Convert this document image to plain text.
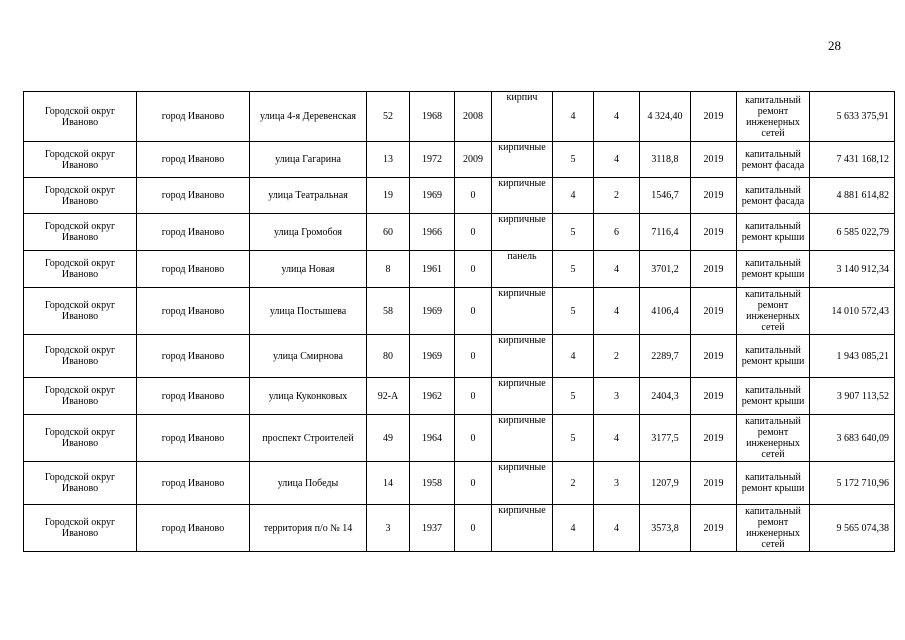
28
Городской округ Иваново	город Иваново	улица 4-я Деревенская	52	1968	2008	кирпич	4	4	4 324,40	2019	капитальный ремонт инженерных сетей	5 633 375,91
Городской округ Иваново	город Иваново	улица Гагарина	13	1972	2009	кирпичные	5	4	3118,8	2019	капитальный ремонт фасада	7 431 168,12
Городской округ Иваново	город Иваново	улица Театральная	19	1969	0	кирпичные	4	2	1546,7	2019	капитальный ремонт фасада	4 881 614,82
Городской округ Иваново	город Иваново	улица Громобоя	60	1966	0	кирпичные	5	6	7116,4	2019	капитальный ремонт крыши	6 585 022,79
Городской округ Иваново	город Иваново	улица Новая	8	1961	0	панель	5	4	3701,2	2019	капитальный ремонт крыши	3 140 912,34
Городской округ Иваново	город Иваново	улица Постышева	58	1969	0	кирпичные	5	4	4106,4	2019	капитальный ремонт инженерных сетей	14 010 572,43
Городской округ Иваново	город Иваново	улица Смирнова	80	1969	0	кирпичные	4	2	2289,7	2019	капитальный ремонт крыши	1 943 085,21
Городской округ Иваново	город Иваново	улица Куконковых	92-А	1962	0	кирпичные	5	3	2404,3	2019	капитальный ремонт крыши	3 907 113,52
Городской округ Иваново	город Иваново	проспект Строителей	49	1964	0	кирпичные	5	4	3177,5	2019	капитальный ремонт инженерных сетей	3 683 640,09
Городской округ Иваново	город Иваново	улица Победы	14	1958	0	кирпичные	2	3	1207,9	2019	капитальный ремонт крыши	5 172 710,96
Городской округ Иваново	город Иваново	территория п/о № 14	3	1937	0	кирпичные	4	4	3573,8	2019	капитальный ремонт инженерных сетей	9 565 074,38
